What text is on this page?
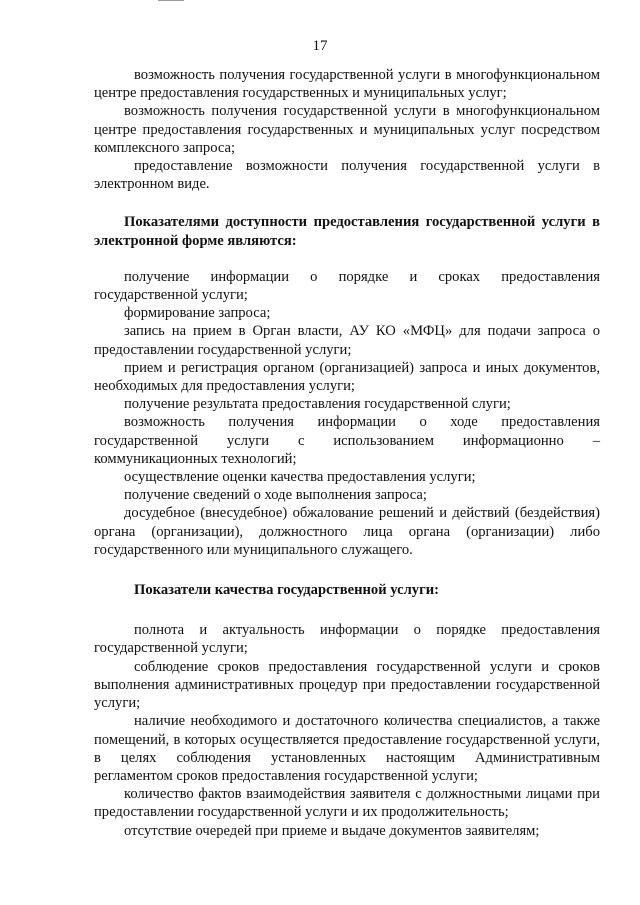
17

возможность получения государственной услуги в многофункциональном центре предоставления государственных и муниципальных услуг;

возможность получения государственной услуги в многофункциональном центре предоставления государственных и муниципальных услуг посредством комплексного запроса;

предоставление возможности получения государственной услуги в электронном виде.

Показателями доступности предоставления государственной услуги в электронной форме являются:

получение информации о порядке и сроках предоставления государственной услуги;

формирование запроса;

запись на прием в Орган власти, АУ КО «МФЦ» для подачи запроса о предоставлении государственной услуги;

прием и регистрация органом (организацией) запроса и иных документов, необходимых для предоставления услуги;

получение результата предоставления государственной слуги;

возможность получения информации о ходе предоставления государственной услуги с использованием информационно – коммуникационных технологий;

осуществление оценки качества предоставления услуги;

получение сведений о ходе выполнения запроса;

досудебное (внесудебное) обжалование решений и действий (бездействия) органа (организации), должностного лица органа (организации) либо государственного или муниципального служащего.

Показатели качества государственной услуги:

полнота и актуальность информации о порядке предоставления государственной услуги;

соблюдение сроков предоставления государственной услуги и сроков выполнения административных процедур при предоставлении государственной услуги;

наличие необходимого и достаточного количества специалистов, а также помещений, в которых осуществляется предоставление государственной услуги, в целях соблюдения установленных настоящим Административным регламентом сроков предоставления государственной услуги;

количество фактов взаимодействия заявителя с должностными лицами при предоставлении государственной услуги и их продолжительность;

отсутствие очередей при приеме и выдаче документов заявителям;
